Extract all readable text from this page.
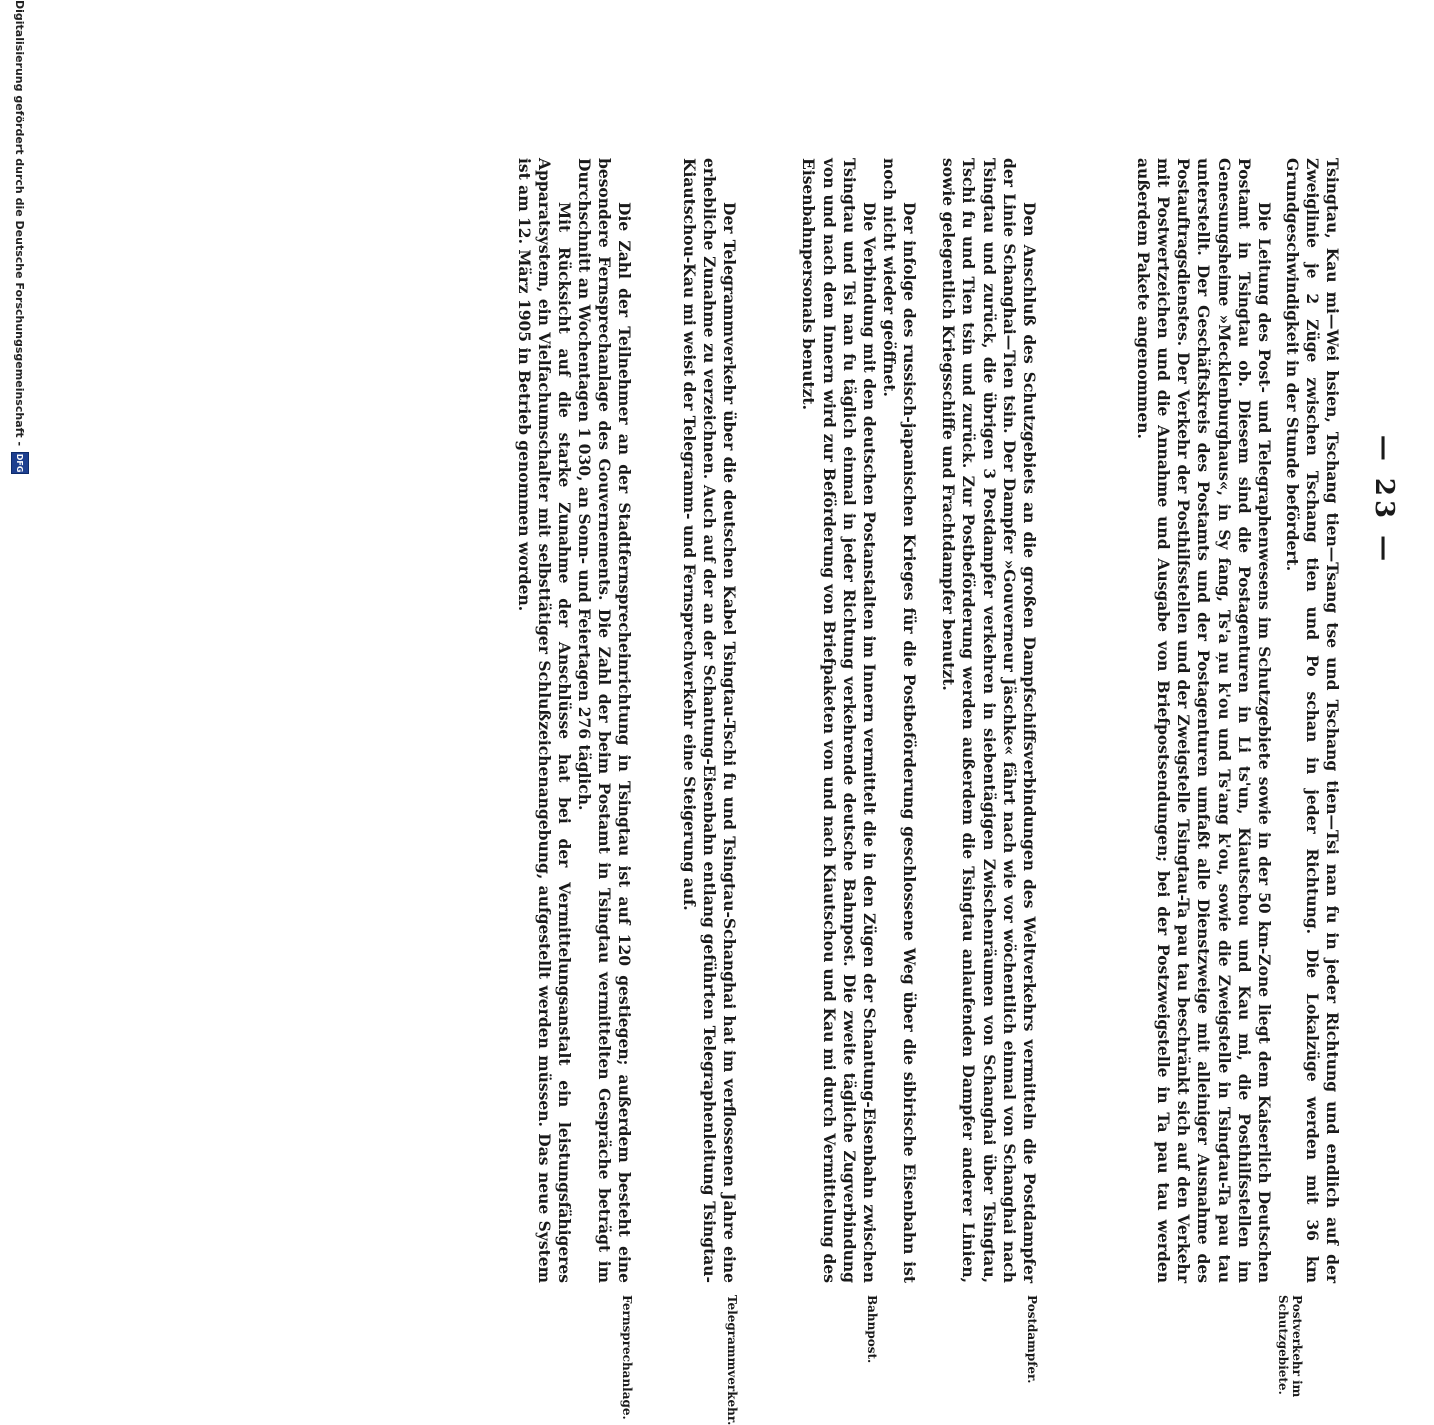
— 23 —

Tsingtau, Kau mi—Wei hsien, Tschang tien—Tsang tse und Tschang tien—Tsi nan fu in jeder Richtung und endlich auf der Zweiglinie je 2 Züge zwischen Tschang tien und Po schan in jeder Richtung. Die Lokalzüge werden mit 36 km Grundgeschwindigkeit in der Stunde befördert.

Die Leitung des Post- und Telegraphenwesens im Schutzgebiete sowie in der 50 km-Zone liegt dem Kaiserlich Deutschen Postamt in Tsingtau ob. Diesem sind die Postagenturen in Li ts'un, Kiautschou und Kau mi, die Posthilfsstellen im Genesungsheime »Mecklenburghaus«, in Sy fang, Ts'a ņu k'ou und Ts'ang k'ou, sowie die Zweigstelle in Tsingtau-Ta pau tau unterstellt. Der Geschäftskreis des Postamts und der Postagenturen umfaßt alle Dienstzweige mit alleiniger Ausnahme des Postauftragsdienstes. Der Verkehr der Posthilfsstellen und der Zweigstelle Tsingtau-Ta pau tau beschränkt sich auf den Verkehr mit Postwertzeichen und die Annahme und Ausgabe von Briefpostsendungen; bei der Postzweigstelle in Ta pau tau werden außerdem Pakete angenommen.

Den Anschluß des Schutzgebiets an die großen Dampfschiffsverbindungen des Weltverkehrs vermitteln die Postdampfer der Linie Schanghai—Tien tsin. Der Dampfer »Gouverneur Jäschke« fährt nach wie vor wöchentlich einmal von Schanghai nach Tsingtau und zurück, die übrigen 3 Postdampfer verkehren in siebentägigen Zwischenräumen von Schanghai über Tsingtau, Tschi fu und Tien tsin und zurück. Zur Postbeförderung werden außerdem die Tsingtau anlaufenden Dampfer anderer Linien, sowie gelegentlich Kriegsschiffe und Frachtdampfer benutzt.

Der infolge des russisch-japanischen Krieges für die Postbeförderung geschlossene Weg über die sibirische Eisenbahn ist noch nicht wieder geöffnet.

Die Verbindung mit den deutschen Postanstalten im Innern vermittelt die in den Zügen der Schantung-Eisenbahn zwischen Tsingtau und Tsi nan fu täglich einmal in jeder Richtung verkehrende deutsche Bahnpost. Die zweite tägliche Zugverbindung von und nach dem Innern wird zur Beförderung von Briefpaketen von und nach Kiautschou und Kau mi durch Vermittelung des Eisenbahnpersonals benutzt.

Der Telegrammverkehr über die deutschen Kabel Tsingtau-Tschi fu und Tsingtau-Schanghai hat im verflossenen Jahre eine erhebliche Zunahme zu verzeichnen. Auch auf der an der Schantung-Eisenbahn entlang geführten Telegraphenleitung Tsingtau-Kiautschou-Kau mi weist der Telegramm- und Fernsprechverkehr eine Steigerung auf.

Die Zahl der Teilnehmer an der Stadtfernsprecheinrichtung in Tsingtau ist auf 120 gestiegen; außerdem besteht eine besondere Fernsprechanlage des Gouvernements. Die Zahl der beim Postamt in Tsingtau vermittelten Gespräche beträgt im Durchschnitt an Wochentagen 1 030, an Sonn- und Feiertagen 276 täglich.

Mit Rücksicht auf die starke Zunahme der Anschlüsse hat bei der Vermittelungsanstalt ein leistungsfähigeres Apparatsystem, ein Vielfachumschalter mit selbsttätiger Schlußzeichenangebung, aufgestellt werden müssen. Das neue System ist am 12. März 1905 in Betrieb genommen worden.

Postverkehr im Schutzgebiete.
Postdampfer.
Bahnpost.
Telegrammverkehr.
Fernsprechanlage.
Digitalisierung gefördert durch die Deutsche Forschungsgemeinschaft -
DFG
